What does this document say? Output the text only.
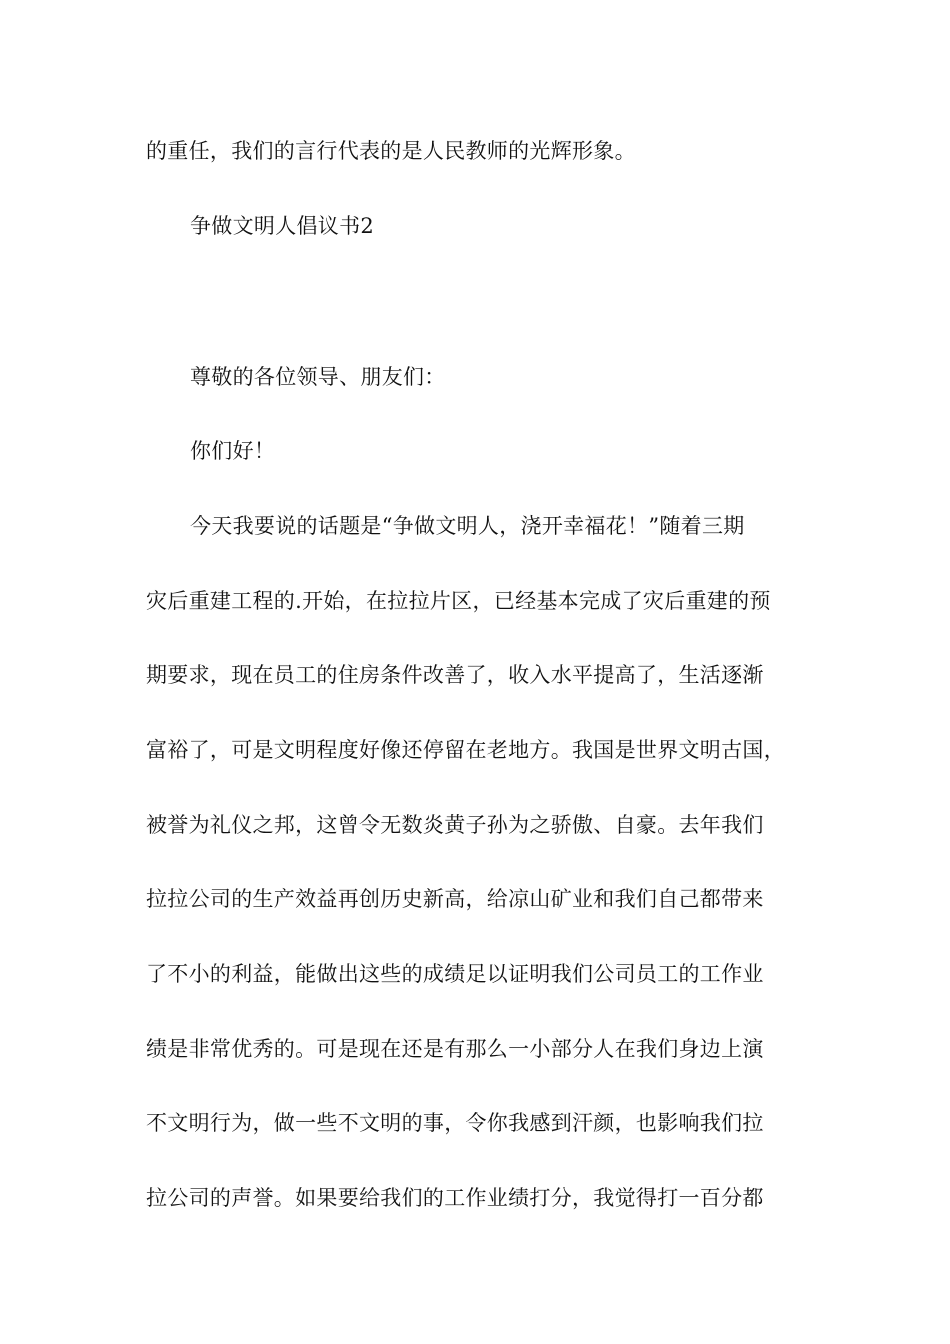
的重任，我们的言行代表的是人民教师的光辉形象。
争做文明人倡议书2
尊敬的各位领导、朋友们：
你们好！
今天我要说的话题是“争做文明人，浇开幸福花！”随着三期
灾后重建工程的.开始，在拉拉片区，已经基本完成了灾后重建的预
期要求，现在员工的住房条件改善了，收入水平提高了，生活逐渐
富裕了，可是文明程度好像还停留在老地方。我国是世界文明古国，
被誉为礼仪之邦，这曾令无数炎黄子孙为之骄傲、自豪。去年我们
拉拉公司的生产效益再创历史新高，给凉山矿业和我们自己都带来
了不小的利益，能做出这些的成绩足以证明我们公司员工的工作业
绩是非常优秀的。可是现在还是有那么一小部分人在我们身边上演
不文明行为，做一些不文明的事，令你我感到汗颜，也影响我们拉
拉公司的声誉。如果要给我们的工作业绩打分，我觉得打一百分都
